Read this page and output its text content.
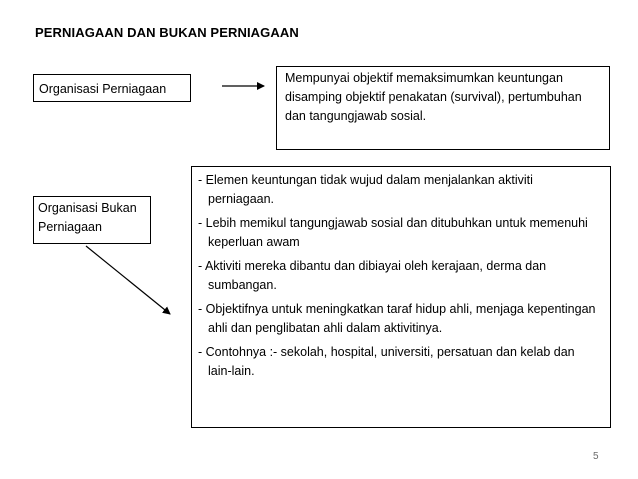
PERNIAGAAN DAN BUKAN PERNIAGAAN
Organisasi Perniagaan
Mempunyai objektif memaksimumkan keuntungan disamping objektif penakatan (survival), pertumbuhan dan tangungjawab sosial.
Organisasi Bukan Perniagaan
- Elemen keuntungan tidak wujud dalam menjalankan aktiviti perniagaan.
- Lebih memikul tangungjawab sosial dan ditubuhkan untuk memenuhi keperluan awam
- Aktiviti mereka dibantu dan dibiayai oleh kerajaan, derma dan sumbangan.
- Objektifnya untuk meningkatkan taraf hidup ahli, menjaga kepentingan ahli dan penglibatan ahli dalam aktivitinya.
- Contohnya :- sekolah, hospital, universiti, persatuan dan kelab dan lain-lain.
5
